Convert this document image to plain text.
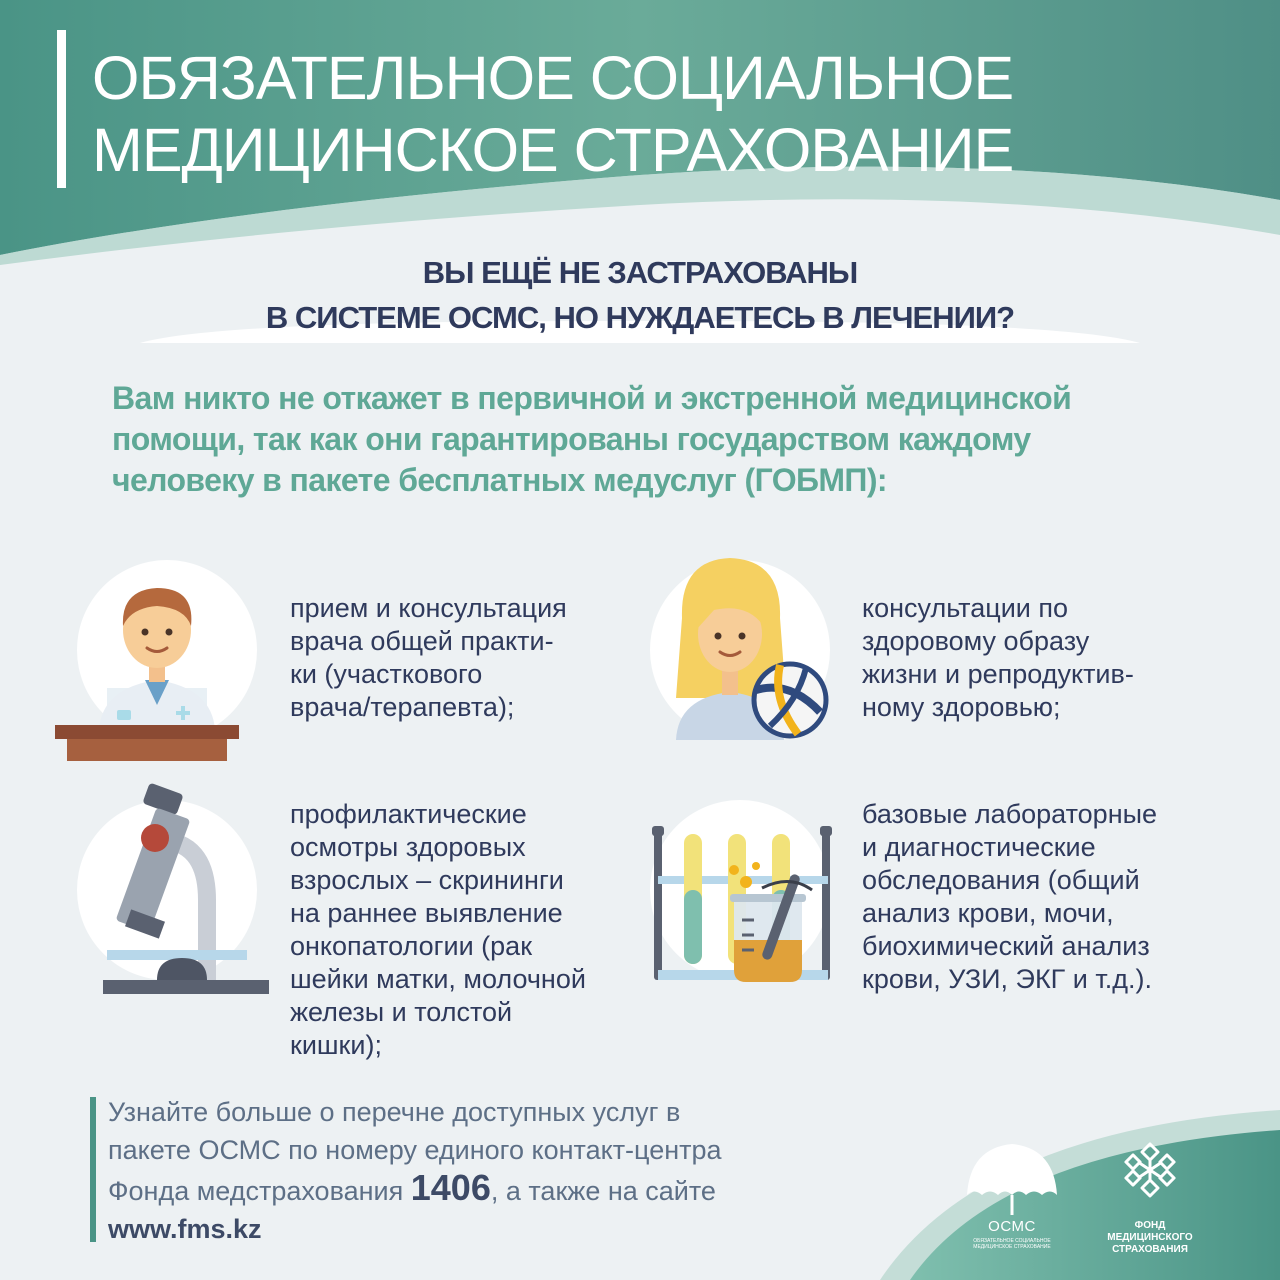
ОБЯЗАТЕЛЬНОЕ СОЦИАЛЬНОЕ
МЕДИЦИНСКОЕ СТРАХОВАНИЕ
ВЫ ЕЩЁ НЕ ЗАСТРАХОВАНЫ
В СИСТЕМЕ ОСМС, НО НУЖДАЕТЕСЬ В ЛЕЧЕНИИ?
Вам никто не откажет в первичной и экстренной медицинской
помощи, так как они гарантированы государством каждому
человеку в пакете бесплатных медуслуг (ГОБМП):
прием и консультация
врача общей практи-
ки (участкового
врача/терапевта);
консультации по
здоровому образу
жизни и репродуктив-
ному здоровью;
профилактические
осмотры здоровых
взрослых – скрининги
на раннее выявление
онкопатологии (рак
шейки матки, молочной
железы и толстой
кишки);
базовые лабораторные
и диагностические
обследования (общий
анализ крови, мочи,
биохимический анализ
крови, УЗИ, ЭКГ и т.д.).
Узнайте больше о перечне доступных услуг в
пакете ОСМС по номеру единого контакт-центра
Фонда медстрахования 1406, а также на сайте
www.fms.kz	ОСМС
ОБЯЗАТЕЛЬНОЕ СОЦИАЛЬНОЕ
МЕДИЦИНСКОЕ СТРАХОВАНИЕ
ФОНД
МЕДИЦИНСКОГО
СТРАХОВАНИЯ
